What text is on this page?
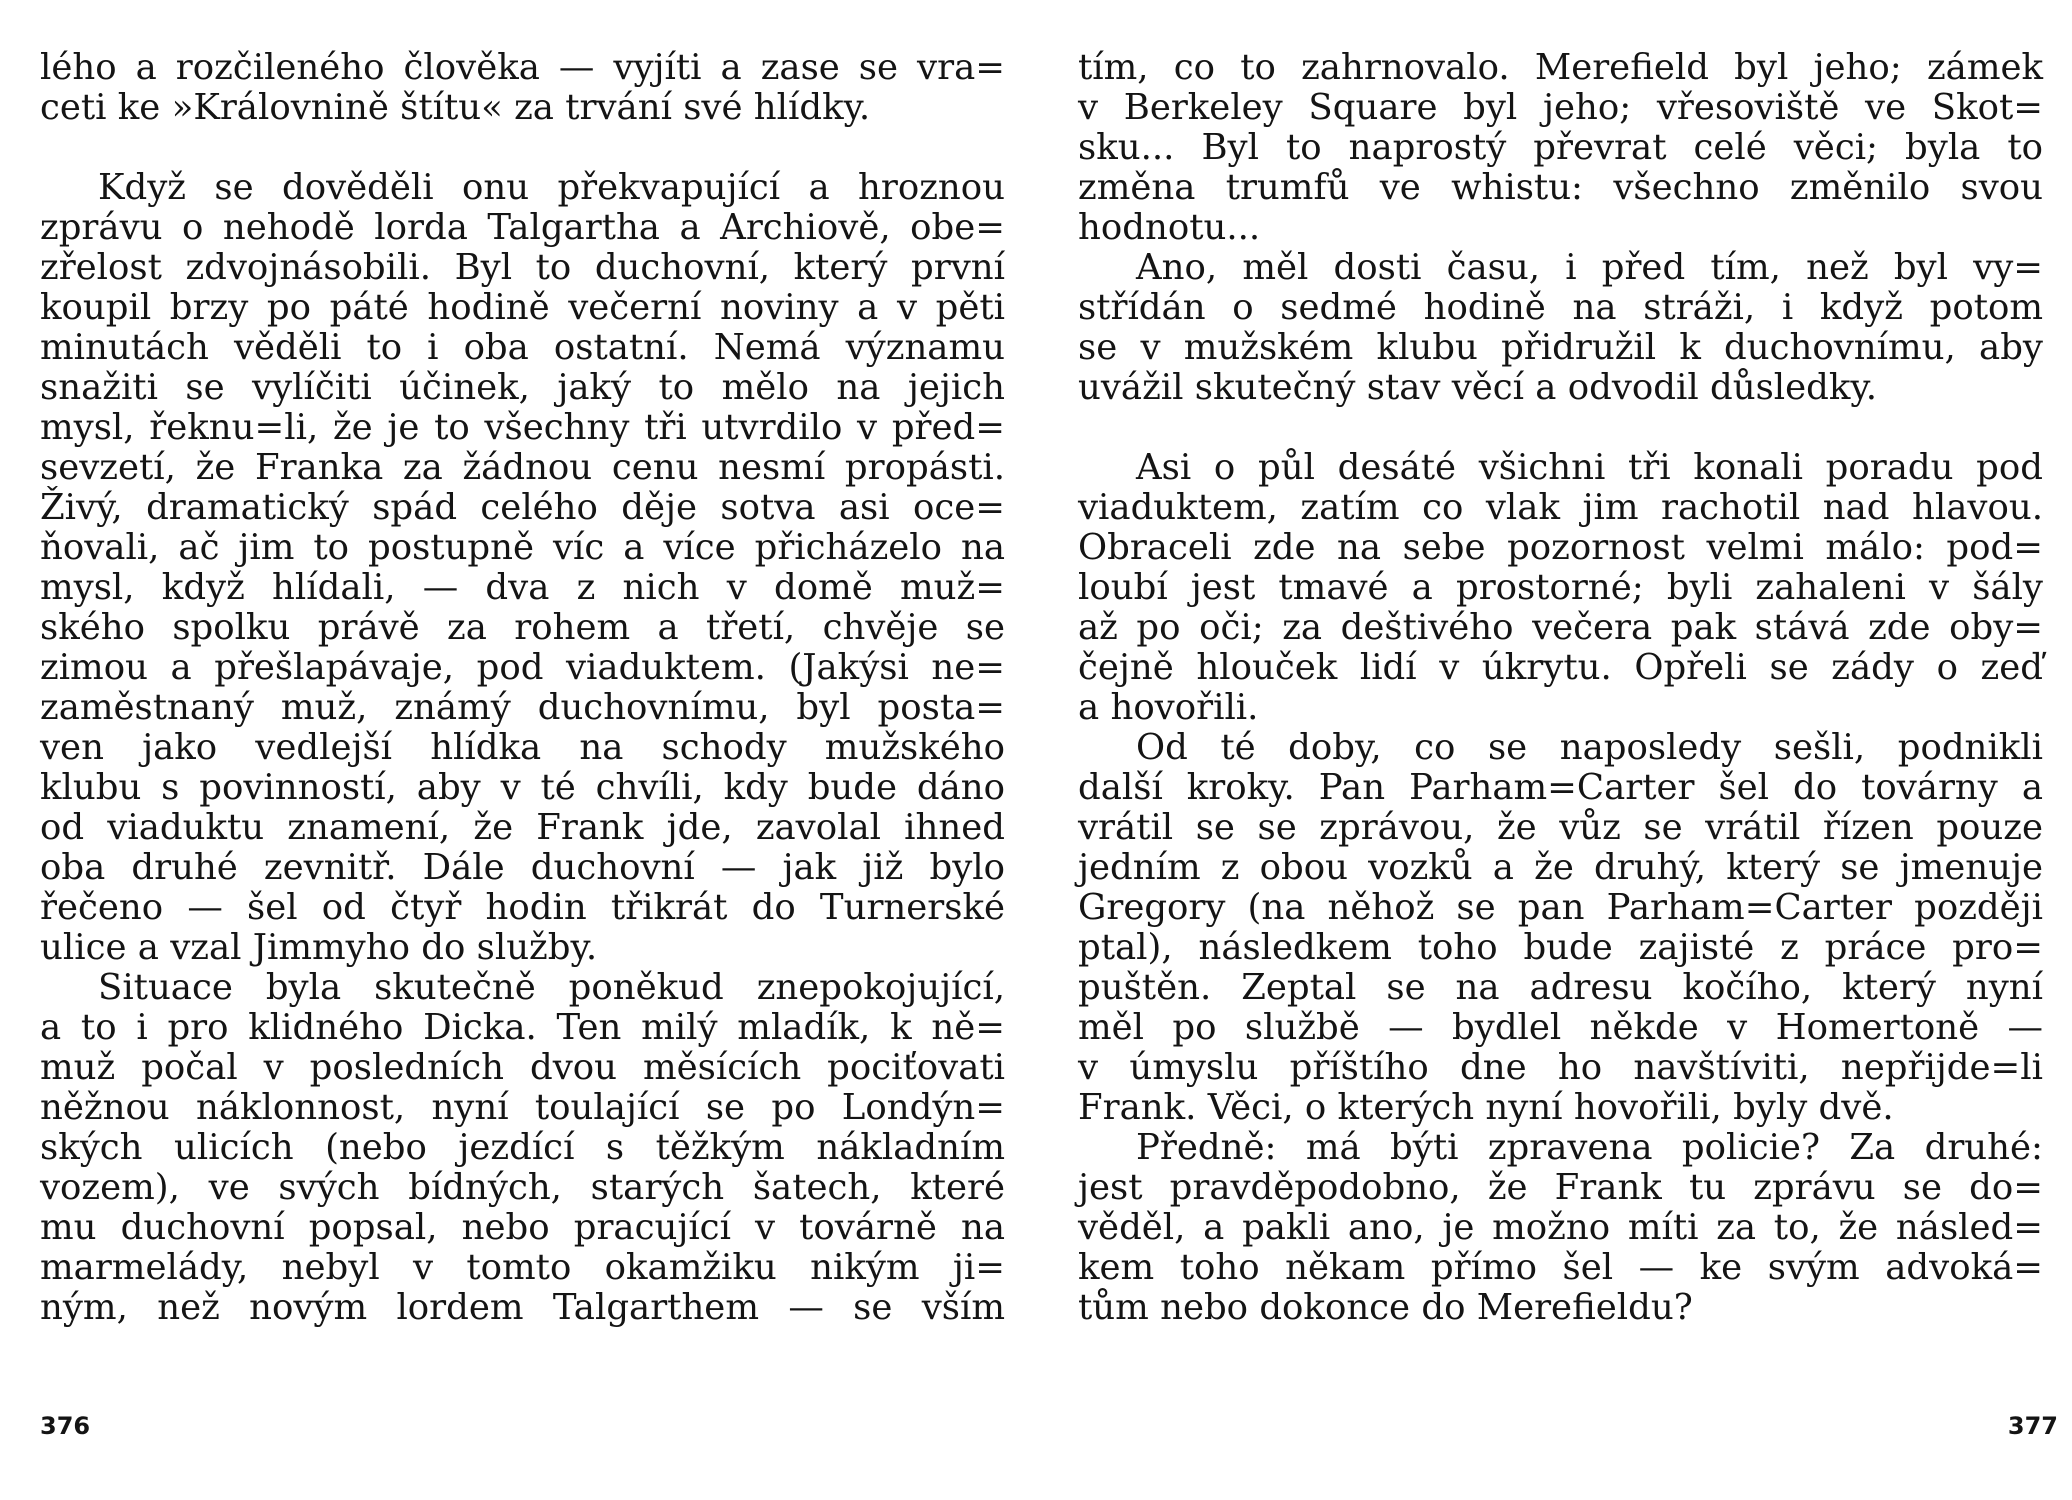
lého a rozčileného člověka — vyjíti a zase se vra=
ceti ke »Královnině štítu« za trvání své hlídky.
Když se dověděli onu překvapující a hroznou
zprávu o nehodě lorda Talgartha a Archiově, obe=
zřelost zdvojnásobili. Byl to duchovní, který první
koupil brzy po páté hodině večerní noviny a v pěti
minutách věděli to i oba ostatní. Nemá významu
snažiti se vylíčiti účinek, jaký to mělo na jejich
mysl, řeknu=li, že je to všechny tři utvrdilo v před=
sevzetí, že Franka za žádnou cenu nesmí propásti.
Živý, dramatický spád celého děje sotva asi oce=
ňovali, ač jim to postupně víc a více přicházelo na
mysl, když hlídali, — dva z nich v domě muž=
ského spolku právě za rohem a třetí, chvěje se
zimou a přešlapávaje, pod viaduktem. (Jakýsi ne=
zaměstnaný muž, známý duchovnímu, byl posta=
ven jako vedlejší hlídka na schody mužského
klubu s povinností, aby v té chvíli, kdy bude dáno
od viaduktu znamení, že Frank jde, zavolal ihned
oba druhé zevnitř. Dále duchovní — jak již bylo
řečeno — šel od čtyř hodin třikrát do Turnerské
ulice a vzal Jimmyho do služby.
Situace byla skutečně poněkud znepokojující,
a to i pro klidného Dicka. Ten milý mladík, k ně=
muž počal v posledních dvou měsících pociťovati
něžnou náklonnost, nyní toulající se po Londýn=
ských ulicích (nebo jezdící s těžkým nákladním
vozem), ve svých bídných, starých šatech, které
mu duchovní popsal, nebo pracující v továrně na
marmelády, nebyl v tomto okamžiku nikým ji=
ným, než novým lordem Talgarthem — se vším
376
tím, co to zahrnovalo. Merefield byl jeho; zámek
v Berkeley Square byl jeho; vřesoviště ve Skot=
sku... Byl to naprostý převrat celé věci; byla to
změna trumfů ve whistu: všechno změnilo svou
hodnotu...
Ano, měl dosti času, i před tím, než byl vy=
střídán o sedmé hodině na stráži, i když potom
se v mužském klubu přidružil k duchovnímu, aby
uvážil skutečný stav věcí a odvodil důsledky.
Asi o půl desáté všichni tři konali poradu pod
viaduktem, zatím co vlak jim rachotil nad hlavou.
Obraceli zde na sebe pozornost velmi málo: pod=
loubí jest tmavé a prostorné; byli zahaleni v šály
až po oči; za deštivého večera pak stává zde oby=
čejně hlouček lidí v úkrytu. Opřeli se zády o zeď
a hovořili.
Od té doby, co se naposledy sešli, podnikli
další kroky. Pan Parham=Carter šel do továrny a
vrátil se se zprávou, že vůz se vrátil řízen pouze
jedním z obou vozků a že druhý, který se jmenuje
Gregory (na něhož se pan Parham=Carter později
ptal), následkem toho bude zajisté z práce pro=
puštěn. Zeptal se na adresu kočího, který nyní
měl po službě — bydlel někde v Homertoně —
v úmyslu příštího dne ho navštíviti, nepřijde=li
Frank. Věci, o kterých nyní hovořili, byly dvě.
Předně: má býti zpravena policie? Za druhé:
jest pravděpodobno, že Frank tu zprávu se do=
věděl, a pakli ano, je možno míti za to, že násled=
kem toho někam přímo šel — ke svým advoká=
tům nebo dokonce do Merefieldu?
377
